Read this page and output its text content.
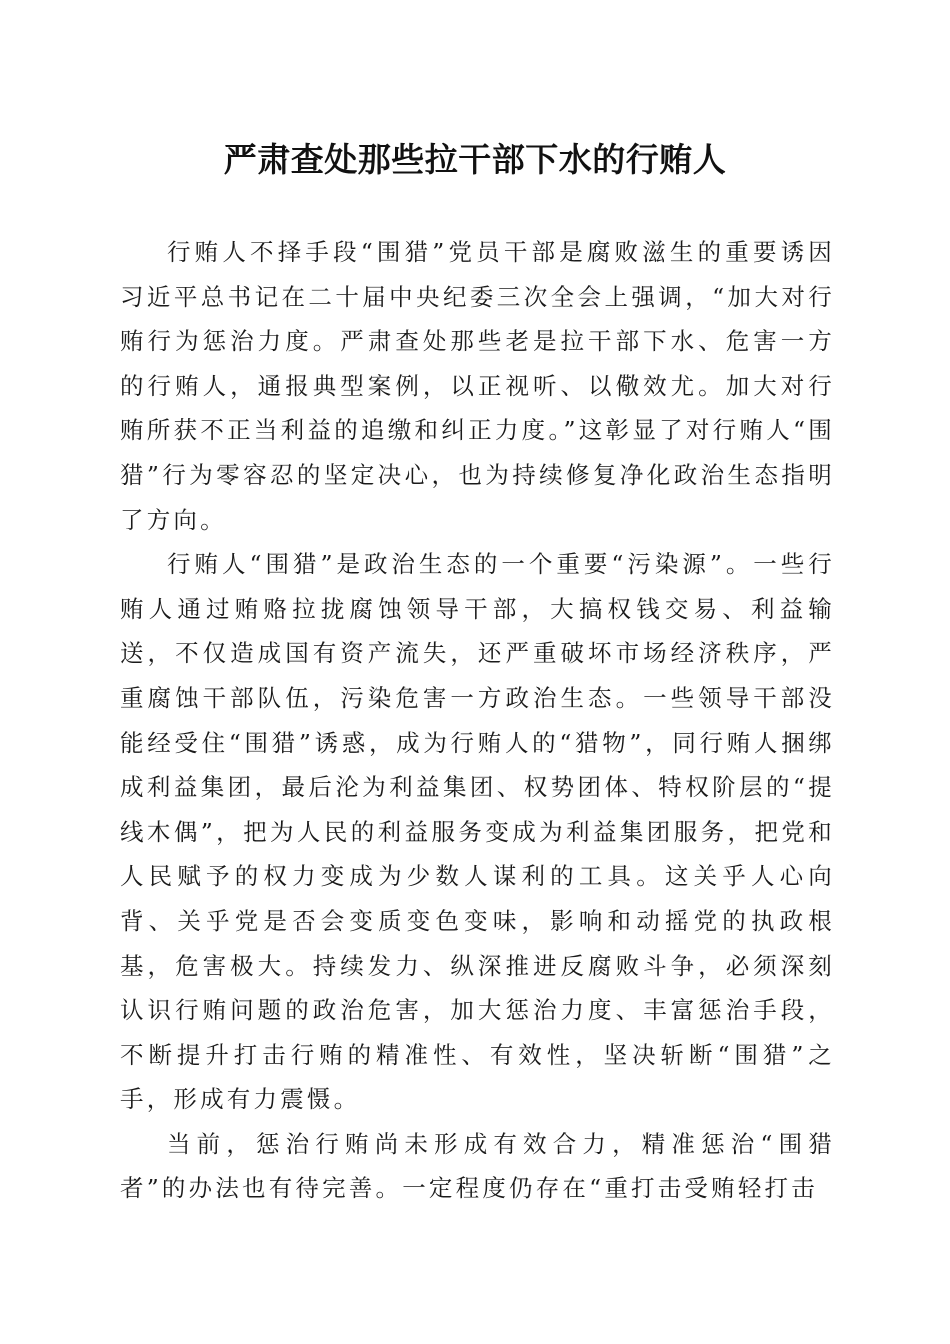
严肃查处那些拉干部下水的行贿人

行贿人不择手段“围猎”党员干部是腐败滋生的重要诱因习近平总书记在二十届中央纪委三次全会上强调，“加大对行贿行为惩治力度。严肃查处那些老是拉干部下水、危害一方的行贿人，通报典型案例，以正视听、以儆效尤。加大对行贿所获不正当利益的追缴和纠正力度。”这彰显了对行贿人“围猎”行为零容忍的坚定决心，也为持续修复净化政治生态指明了方向。

行贿人“围猎”是政治生态的一个重要“污染源”。一些行贿人通过贿赂拉拢腐蚀领导干部，大搞权钱交易、利益输送，不仅造成国有资产流失，还严重破坏市场经济秩序，严重腐蚀干部队伍，污染危害一方政治生态。一些领导干部没能经受住“围猎”诱惑，成为行贿人的“猎物”，同行贿人捆绑成利益集团，最后沦为利益集团、权势团体、特权阶层的“提线木偶”，把为人民的利益服务变成为利益集团服务，把党和人民赋予的权力变成为少数人谋利的工具。这关乎人心向背、关乎党是否会变质变色变味，影响和动摇党的执政根基，危害极大。持续发力、纵深推进反腐败斗争，必须深刻认识行贿问题的政治危害，加大惩治力度、丰富惩治手段，不断提升打击行贿的精准性、有效性，坚决斩断“围猎”之手，形成有力震慑。

当前，惩治行贿尚未形成有效合力，精准惩治“围猎者”的办法也有待完善。一定程度仍存在“重打击受贿轻打击
